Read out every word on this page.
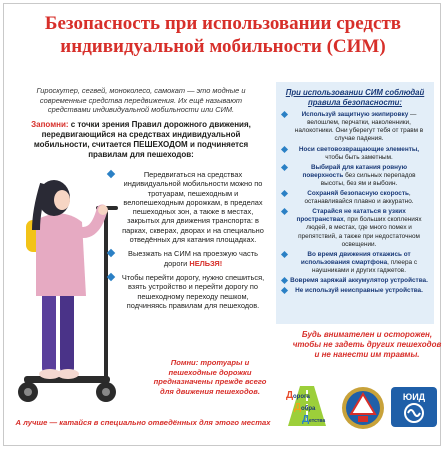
Безопасность при использовании средств
индивидуальной мобильности (СИМ)
Гироскутер, сегвей, моноколесо, самокат — это модные и современные средства передвижения. Их ещё называют средствами индивидуальной мобильности или СИМ.
Запомни: с точки зрения Правил дорожного движения, передвигающийся на средствах индивидуальной мобильности, считается ПЕШЕХОДОМ и подчиняется правилам для пешеходов:
Передвигаться на средствах индивидуальной мобильности можно по тротуарам, пешеходным и велопешеходным дорожкам, в пределах пешеходных зон, а также в местах, закрытых для движения транспорта: в парках, скверах, дворах и на специально отведённых для катания площадках.
Выезжать на СИМ на проезжую часть дороги НЕЛЬЗЯ!
Чтобы перейти дорогу, нужно спешиться, взять устройство и перейти дорогу по пешеходному переходу пешком, подчиняясь правилам для пешеходов.
Помни: тротуары и пешеходные дорожки предназначены прежде всего для движения пешеходов.
А лучше — катайся в специально отведённых для этого местах
При использовании СИМ соблюдай правила безопасности:
Используй защитную экипировку — велошлем, перчатки, наколенники, налокотники. Они уберегут тебя от травм в случае падения.
Носи световозвращающие элементы, чтобы быть заметным.
Выбирай для катания ровную поверхность без сильных перепадов высоты, без ям и выбоин.
Сохраняй безопасную скорость, останавливайся плавно и аккуратно.
Старайся не кататься в узких пространствах, при больших скоплениях людей, в местах, где много помех и препятствий, а также при недостаточном освещении.
Во время движения откажись от использования смартфона, плеера с наушниками и других гаджетов.
Вовремя заряжай аккумулятор устройства.
Не используй неисправные устройства.
Будь внимателен и осторожен, чтобы не задеть других пешеходов и не нанести им травмы.
Д орога
Д обра
Д етства
ЮИД
